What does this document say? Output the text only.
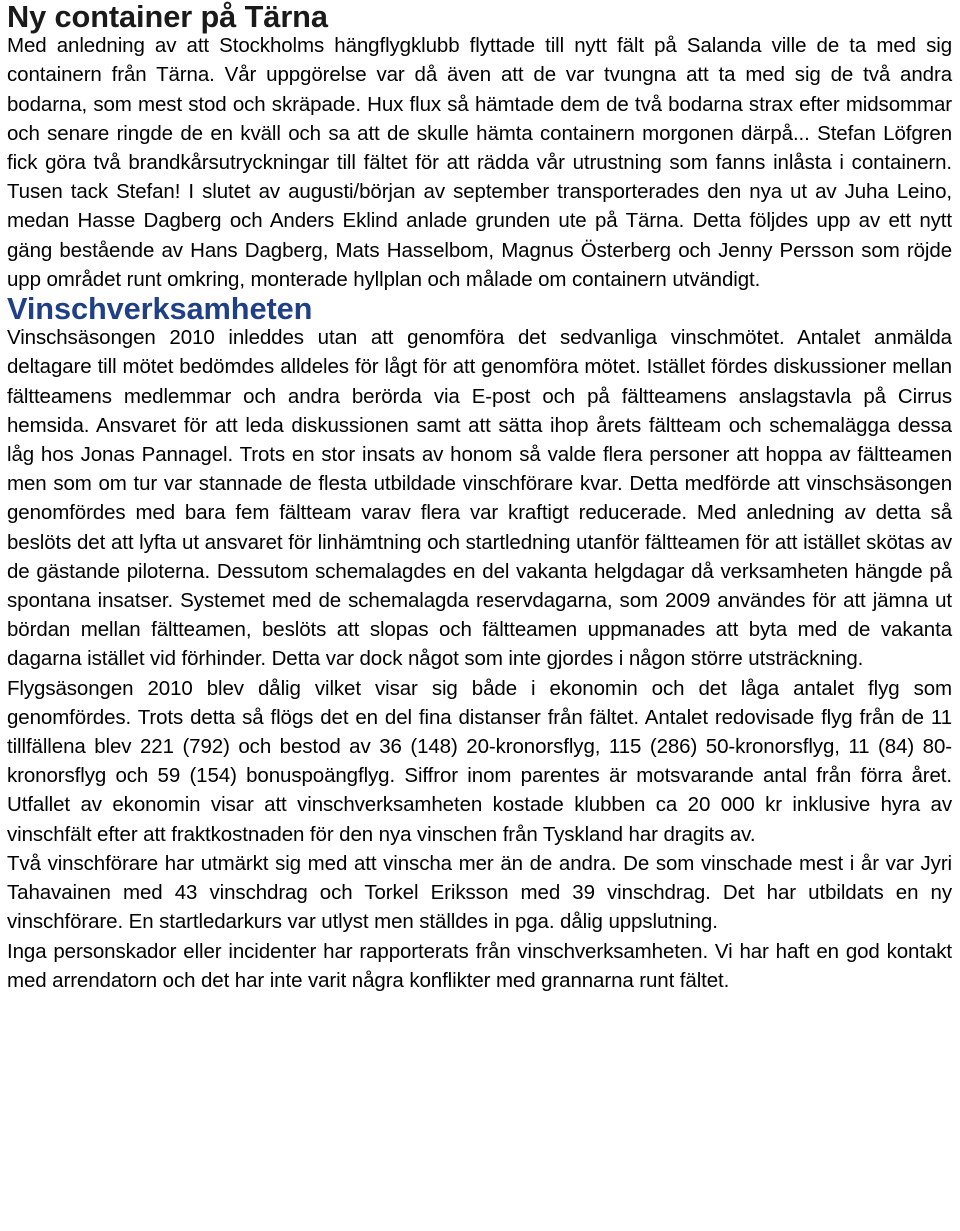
Ny container på Tärna

Med anledning av att Stockholms hängflygklubb flyttade till nytt fält på Salanda ville de ta med sig containern från Tärna. Vår uppgörelse var då även att de var tvungna att ta med sig de två andra bodarna, som mest stod och skräpade. Hux flux så hämtade dem de två bodarna strax efter midsommar och senare ringde de en kväll och sa att de skulle hämta containern morgonen därpå... Stefan Löfgren fick göra två brandkårsutryckningar till fältet för att rädda vår utrustning som fanns inlåsta i containern. Tusen tack Stefan! I slutet av augusti/början av september transporterades den nya ut av Juha Leino, medan Hasse Dagberg och Anders Eklind anlade grunden ute på Tärna. Detta följdes upp av ett nytt gäng bestående av Hans Dagberg, Mats Hasselbom, Magnus Österberg och Jenny Persson som röjde upp området runt omkring, monterade hyllplan och målade om containern utvändigt.

Vinschverksamheten

Vinschsäsongen 2010 inleddes utan att genomföra det sedvanliga vinschmötet. Antalet anmälda deltagare till mötet bedömdes alldeles för lågt för att genomföra mötet. Istället fördes diskussioner mellan fältteamens medlemmar och andra berörda via E-post och på fältteamens anslagstavla på Cirrus hemsida. Ansvaret för att leda diskussionen samt att sätta ihop årets fältteam och schemalägga dessa låg hos Jonas Pannagel. Trots en stor insats av honom så valde flera personer att hoppa av fältteamen men som om tur var stannade de flesta utbildade vinschförare kvar. Detta medförde att vinschsäsongen genomfördes med bara fem fältteam varav flera var kraftigt reducerade. Med anledning av detta så beslöts det att lyfta ut ansvaret för linhämtning och startledning utanför fältteamen för att istället skötas av de gästande piloterna. Dessutom schemalagdes en del vakanta helgdagar då verksamheten hängde på spontana insatser. Systemet med de schemalagda reservdagarna, som 2009 användes för att jämna ut bördan mellan fältteamen, beslöts att slopas och fältteamen uppmanades att byta med de vakanta dagarna istället vid förhinder. Detta var dock något som inte gjordes i någon större utsträckning.

Flygsäsongen 2010 blev dålig vilket visar sig både i ekonomin och det låga antalet flyg som genomfördes. Trots detta så flögs det en del fina distanser från fältet. Antalet redovisade flyg från de 11 tillfällena blev 221 (792) och bestod av 36 (148) 20-kronorsflyg, 115 (286) 50-kronorsflyg, 11 (84) 80-kronorsflyg och 59 (154) bonuspoängflyg. Siffror inom parentes är motsvarande antal från förra året. Utfallet av ekonomin visar att vinschverksamheten kostade klubben ca 20 000 kr inklusive hyra av vinschfält efter att fraktkostnaden för den nya vinschen från Tyskland har dragits av.

Två vinschförare har utmärkt sig med att vinscha mer än de andra. De som vinschade mest i år var Jyri Tahavainen med 43 vinschdrag och Torkel Eriksson med 39 vinschdrag. Det har utbildats en ny vinschförare. En startledarkurs var utlyst men ställdes in pga. dålig uppslutning.

Inga personskador eller incidenter har rapporterats från vinschverksamheten. Vi har haft en god kontakt med arrendatorn och det har inte varit några konflikter med grannarna runt fältet.
